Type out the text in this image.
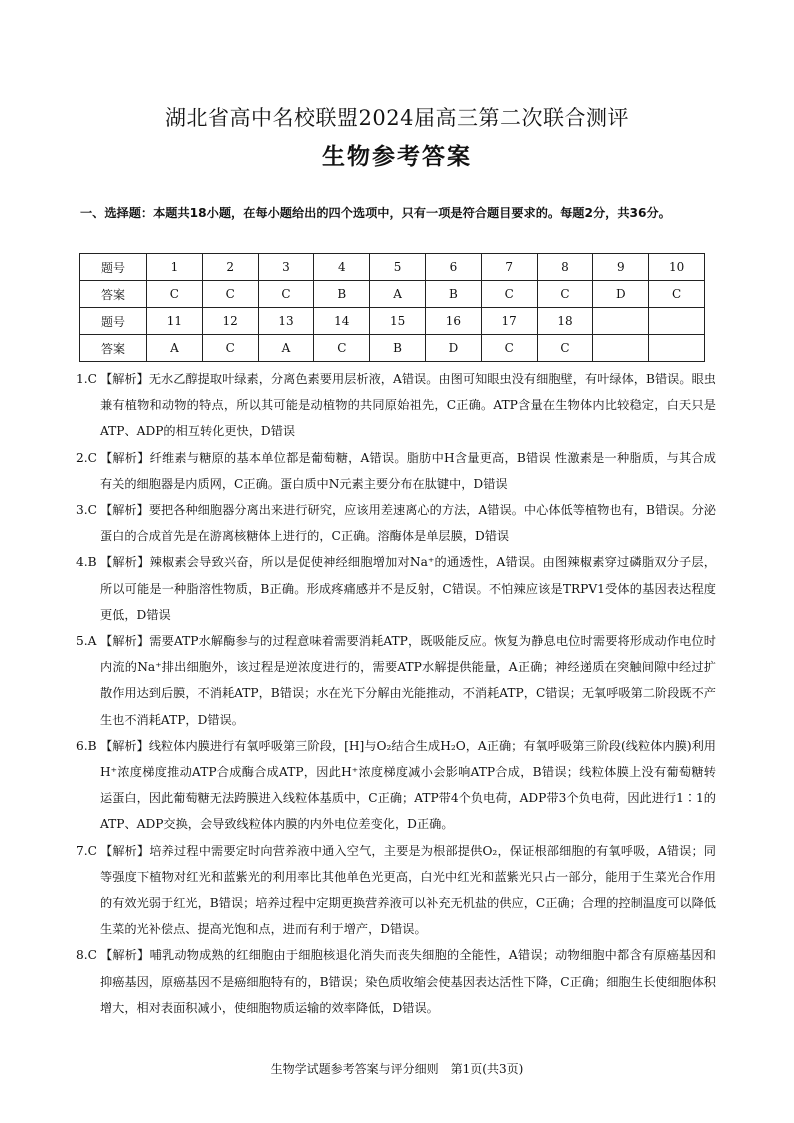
湖北省高中名校联盟2024届高三第二次联合测评
生物参考答案
一、选择题：本题共18小题，在每小题给出的四个选项中，只有一项是符合题目要求的。每题2分，共36分。
题号	1	2	3	4	5	6	7	8	9	10
答案	C	C	C	B	A	B	C	C	D	C
题号	11	12	13	14	15	16	17	18		
答案	A	C	A	C	B	D	C	C		
1.C 【解析】无水乙醇提取叶绿素，分离色素要用层析液，A错误。由图可知眼虫没有细胞壁，有叶绿体，B错误。眼虫兼有植物和动物的特点，所以其可能是动植物的共同原始祖先，C正确。ATP含量在生物体内比较稳定，白天只是ATP、ADP的相互转化更快，D错误
2.C 【解析】纤维素与糖原的基本单位都是葡萄糖，A错误。脂肪中H含量更高，B错误 性激素是一种脂质，与其合成有关的细胞器是内质网，C正确。蛋白质中N元素主要分布在肽键中，D错误
3.C 【解析】要把各种细胞器分离出来进行研究，应该用差速离心的方法，A错误。中心体低等植物也有，B错误。分泌蛋白的合成首先是在游离核糖体上进行的，C正确。溶酶体是单层膜，D错误
4.B 【解析】辣椒素会导致兴奋，所以是促使神经细胞增加对Na⁺的通透性，A错误。由图辣椒素穿过磷脂双分子层，所以可能是一种脂溶性物质，B正确。形成疼痛感并不是反射，C错误。不怕辣应该是TRPV1受体的基因表达程度更低，D错误
5.A 【解析】需要ATP水解酶参与的过程意味着需要消耗ATP，既吸能反应。恢复为静息电位时需要将形成动作电位时内流的Na⁺排出细胞外，该过程是逆浓度进行的，需要ATP水解提供能量，A正确；神经递质在突触间隙中经过扩散作用达到后膜，不消耗ATP，B错误；水在光下分解由光能推动，不消耗ATP，C错误；无氧呼吸第二阶段既不产生也不消耗ATP，D错误。
6.B 【解析】线粒体内膜进行有氧呼吸第三阶段，[H]与O₂结合生成H₂O，A正确；有氧呼吸第三阶段(线粒体内膜)利用H⁺浓度梯度推动ATP合成酶合成ATP，因此H⁺浓度梯度减小会影响ATP合成，B错误；线粒体膜上没有葡萄糖转运蛋白，因此葡萄糖无法跨膜进入线粒体基质中，C正确；ATP带4个负电荷，ADP带3个负电荷，因此进行1∶1的ATP、ADP交换，会导致线粒体内膜的内外电位差变化，D正确。
7.C 【解析】培养过程中需要定时向营养液中通入空气，主要是为根部提供O₂，保证根部细胞的有氧呼吸，A错误；同等强度下植物对红光和蓝紫光的利用率比其他单色光更高，白光中红光和蓝紫光只占一部分，能用于生菜光合作用的有效光弱于红光，B错误；培养过程中定期更换营养液可以补充无机盐的供应，C正确；合理的控制温度可以降低生菜的光补偿点、提高光饱和点，进而有利于增产，D错误。
8.C 【解析】哺乳动物成熟的红细胞由于细胞核退化消失而丧失细胞的全能性，A错误；动物细胞中都含有原癌基因和抑癌基因，原癌基因不是癌细胞特有的，B错误；染色质收缩会使基因表达活性下降，C正确；细胞生长使细胞体积增大，相对表面积减小，使细胞物质运输的效率降低，D错误。
生物学试题参考答案与评分细则　第1页(共3页)
